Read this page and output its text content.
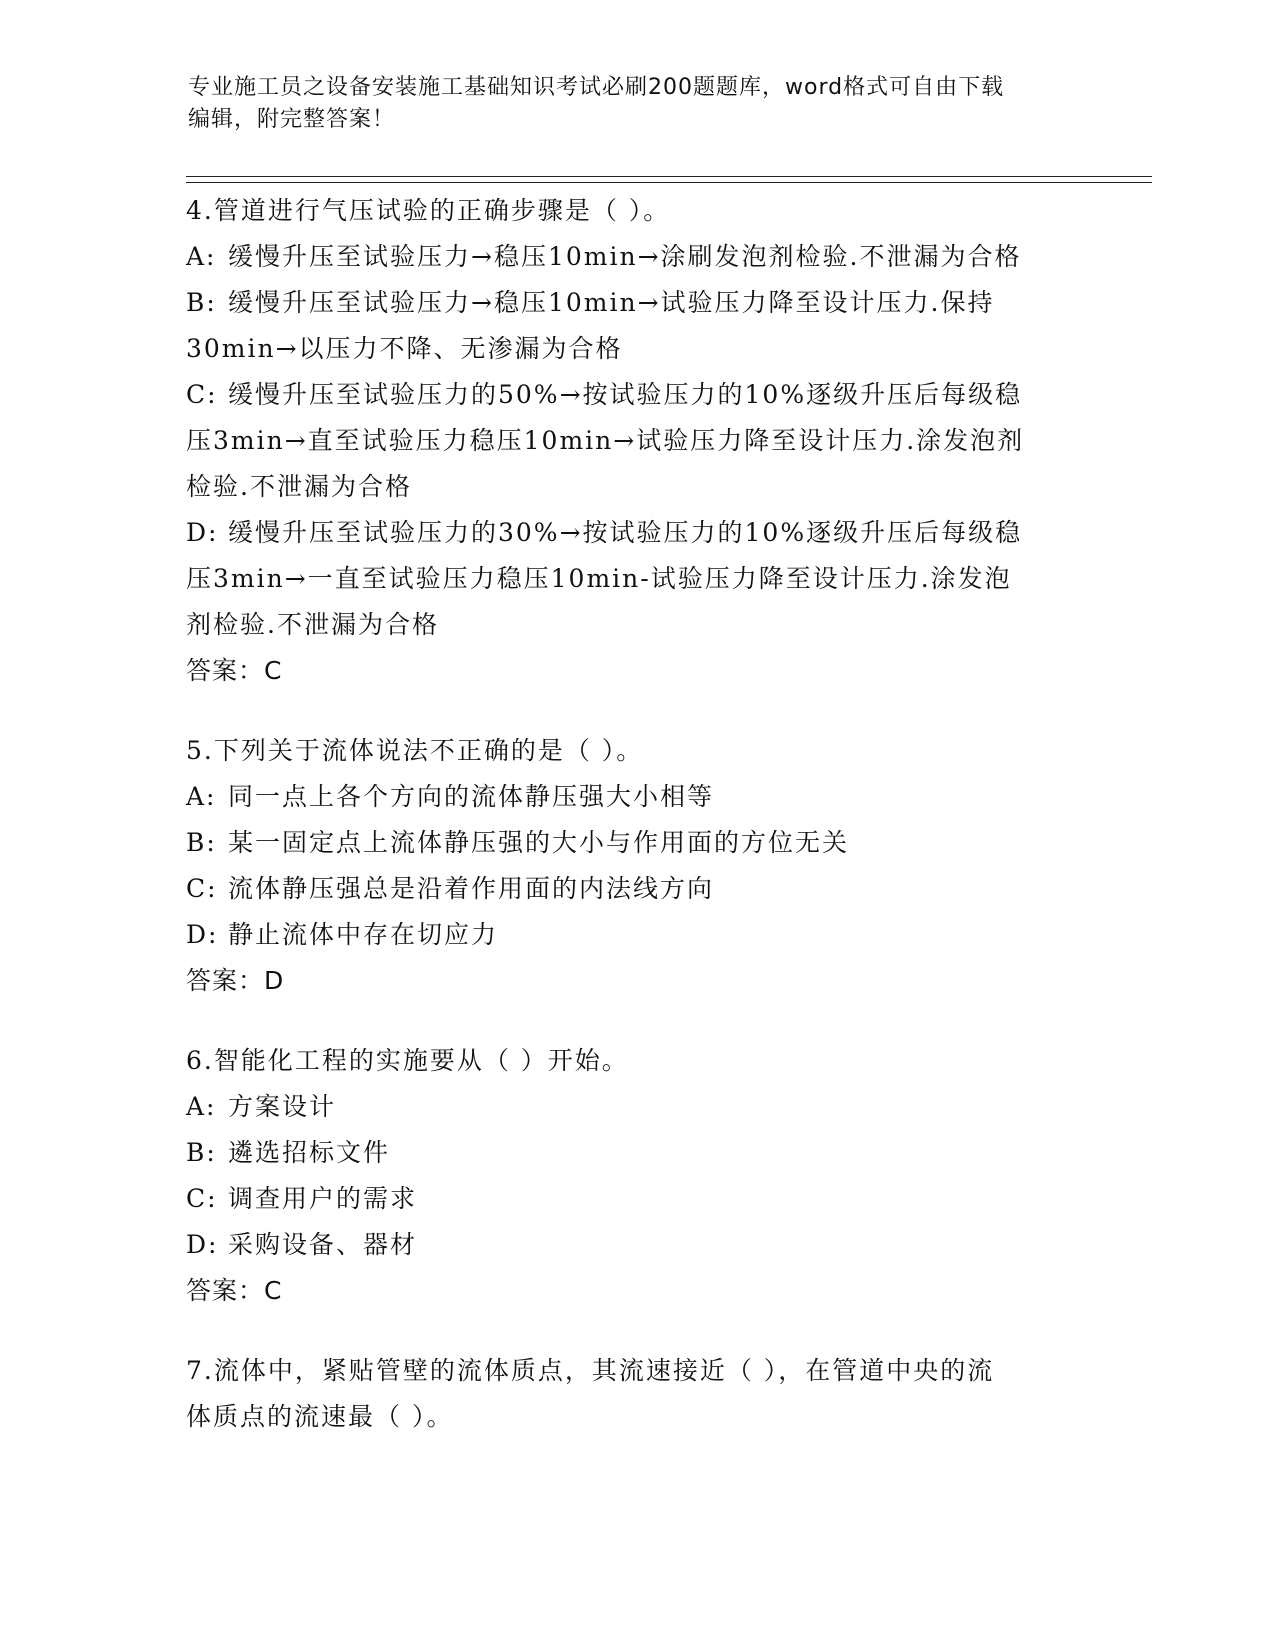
专业施工员之设备安装施工基础知识考试必刷200题题库，word格式可自由下载
编辑，附完整答案！
4.管道进行气压试验的正确步骤是（ ）。
A: 缓慢升压至试验压力→稳压10min→涂刷发泡剂检验.不泄漏为合格
B: 缓慢升压至试验压力→稳压10min→试验压力降至设计压力.保持
30min→以压力不降、无渗漏为合格
C: 缓慢升压至试验压力的50%→按试验压力的10%逐级升压后每级稳
压3min→直至试验压力稳压10min→试验压力降至设计压力.涂发泡剂
检验.不泄漏为合格
D: 缓慢升压至试验压力的30%→按试验压力的10%逐级升压后每级稳
压3min→一直至试验压力稳压10min-试验压力降至设计压力.涂发泡
剂检验.不泄漏为合格
答案：C
5.下列关于流体说法不正确的是（ ）。
A: 同一点上各个方向的流体静压强大小相等
B: 某一固定点上流体静压强的大小与作用面的方位无关
C: 流体静压强总是沿着作用面的内法线方向
D: 静止流体中存在切应力
答案：D
6.智能化工程的实施要从（ ）开始。
A: 方案设计
B: 遴选招标文件
C: 调查用户的需求
D: 采购设备、器材
答案：C
7.流体中，紧贴管壁的流体质点，其流速接近（ ），在管道中央的流
体质点的流速最（ ）。
